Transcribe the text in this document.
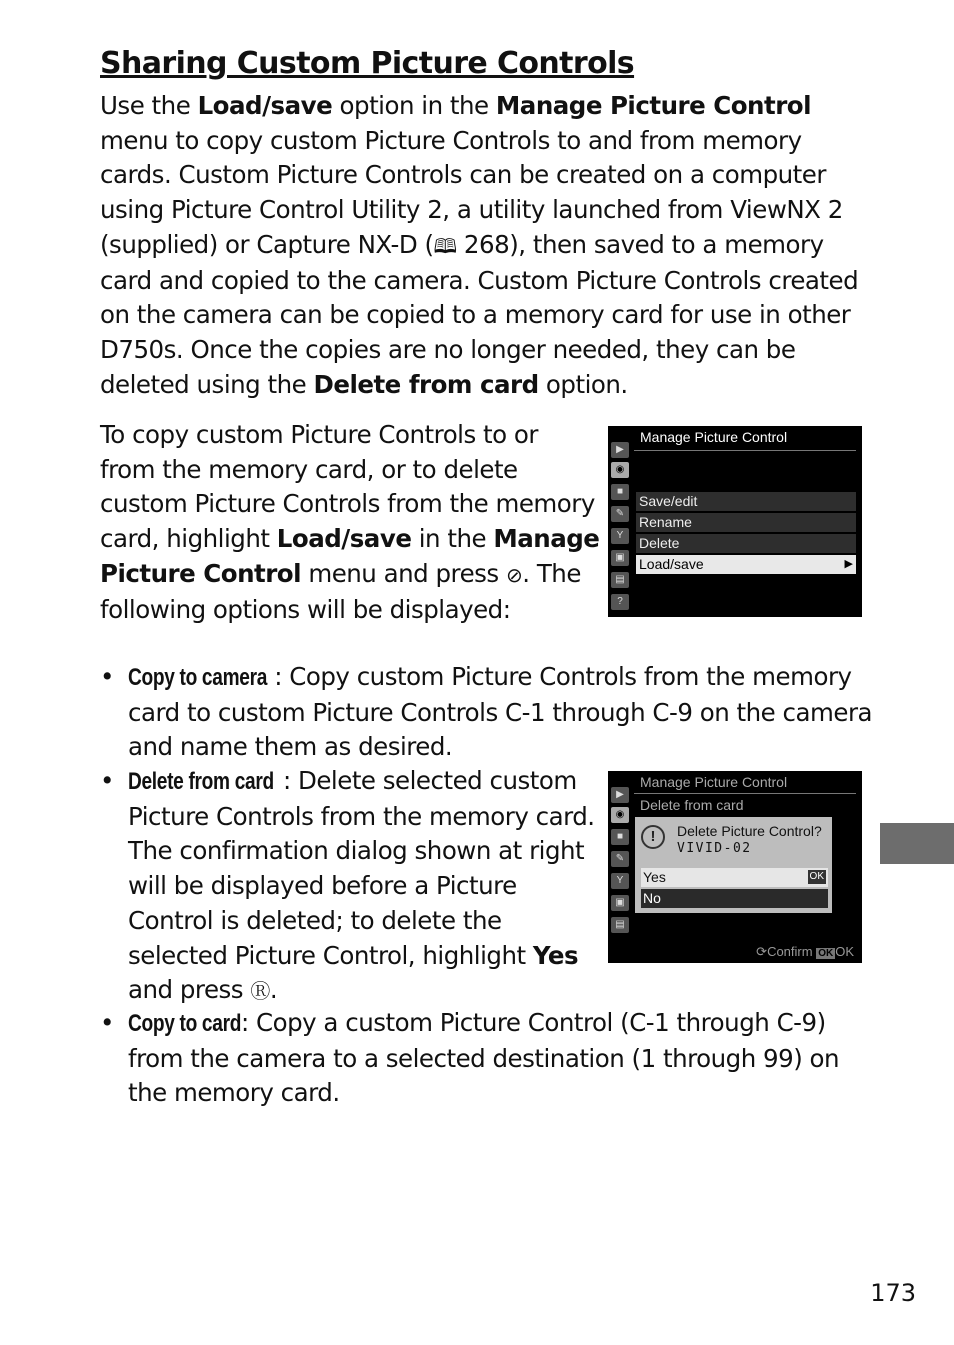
Sharing Custom Picture Controls

Use the Load/save option in the Manage Picture Control menu to copy custom Picture Controls to and from memory cards. Custom Picture Controls can be created on a computer using Picture Control Utility 2, a utility launched from ViewNX 2 (supplied) or Capture NX-D (🕮 268), then saved to a memory card and copied to the camera. Custom Picture Controls created on the camera can be copied to a memory card for use in other D750s. Once the copies are no longer needed, they can be deleted using the Delete from card option.

To copy custom Picture Controls to or from the memory card, or to delete custom Picture Controls from the memory card, highlight Load/save in the Manage Picture Control menu and press ⊘. The following options will be displayed:

▶
◉
■
✎
Y
▣
▤
?
Manage Picture Control
Save/edit
Rename
Delete
Load/save	▶
• Copy to camera : Copy custom Picture Controls from the memory card to custom Picture Controls C-1 through C-9 on the camera and name them as desired.
• Delete from card : Delete selected custom Picture Controls from the memory card. The confirmation dialog shown at right will be displayed before a Picture Control is deleted; to delete the selected Picture Control, highlight Yes and press Ⓡ.
▶
◉
■
✎
Y
▣
▤
Manage Picture Control
Delete from card
!	Delete Picture Control?
VIVID-02
Yes	OK
No
⟳Confirm OK OK
• Copy to card: Copy a custom Picture Control (C-1 through C-9) from the camera to a selected destination (1 through 99) on the memory card.
173
